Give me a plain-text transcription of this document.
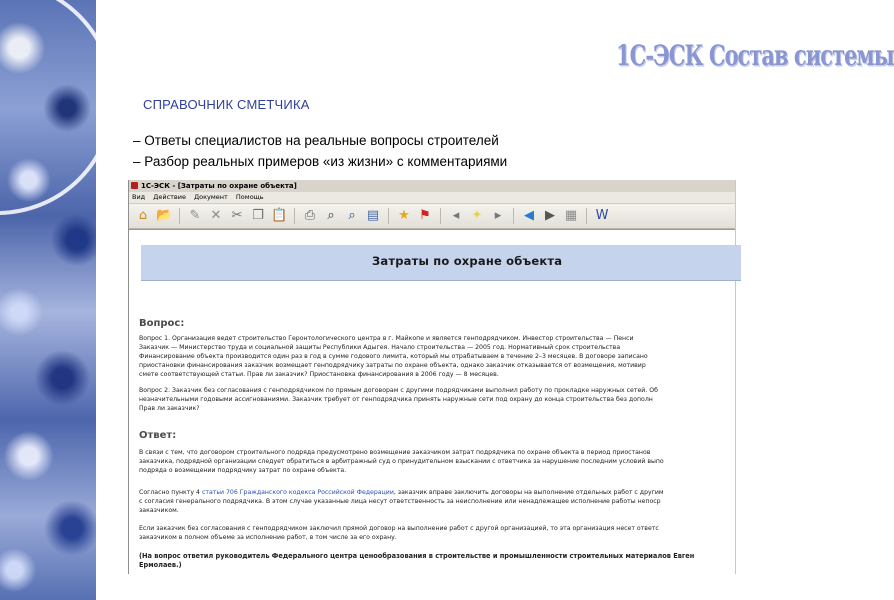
1С-ЭСК Состав системы
СПРАВОЧНИК СМЕТЧИКА
– Ответы специалистов на реальные вопросы строителей
– Разбор реальных примеров «из жизни» с комментариями
1С-ЭСК - [Затраты по охране объекта]
Вид Действие Документ Помощь
⌂ 📂 ✎ ✕ ✂ ❐ 📋 ⎙ ⌕	⌕ ▤ ★ ⚑	◂ ✦ ▸	◀ ▶ ▦ W
Затраты по охране объекта
Вопрос:

Вопрос 1. Организация ведет строительство Геронтологического центра в г. Майкопе и является генподрядчиком. Инвестор строительства — Пенси
Заказчик — Министерство труда и социальной защиты Республики Адыгея. Начало строительства — 2005 год. Нормативный срок строительства
Финансирование объекта производится один раз в год в сумме годового лимита, который мы отрабатываем в течение 2–3 месяцев. В договоре записано
приостановки финансирования заказчик возмещает генподрядчику затраты по охране объекта, однако заказчик отказывается от возмещения, мотивир
смете соответствующей статьи. Прав ли заказчик? Приостановка финансирования в 2006 году — 8 месяцев.

Вопрос 2. Заказчик без согласования с генподрядчиком по прямым договорам с другими подрядчиками выполнил работу по прокладке наружных сетей. Об
незначительными годовыми ассигнованиями. Заказчик требует от генподрядчика принять наружные сети под охрану до конца строительства без дополн
Прав ли заказчик?

Ответ:

В связи с тем, что договором строительного подряда предусмотрено возмещение заказчиком затрат подрядчика по охране объекта в период приостанов
заказчика, подрядной организации следует обратиться в арбитражный суд о принудительном взыскании с ответчика за нарушение последним условий выпо
подряда о возмещении подрядчику затрат по охране объекта.

Согласно пункту 4 статьи 706 Гражданского кодекса Российской Федерации, заказчик вправе заключить договоры на выполнение отдельных работ с другим
с согласия генерального подрядчика. В этом случае указанные лица несут ответственность за неисполнение или ненадлежащее исполнение работы непоср
заказчиком.

Если заказчик без согласования с генподрядчиком заключил прямой договор на выполнение работ с другой организацией, то эта организация несет ответс
заказчиком в полном объеме за исполнение работ, в том числе за его охрану.

(На вопрос ответил руководитель Федерального центра ценообразования в строительстве и промышленности строительных материалов Евген
Ермолаев.)
